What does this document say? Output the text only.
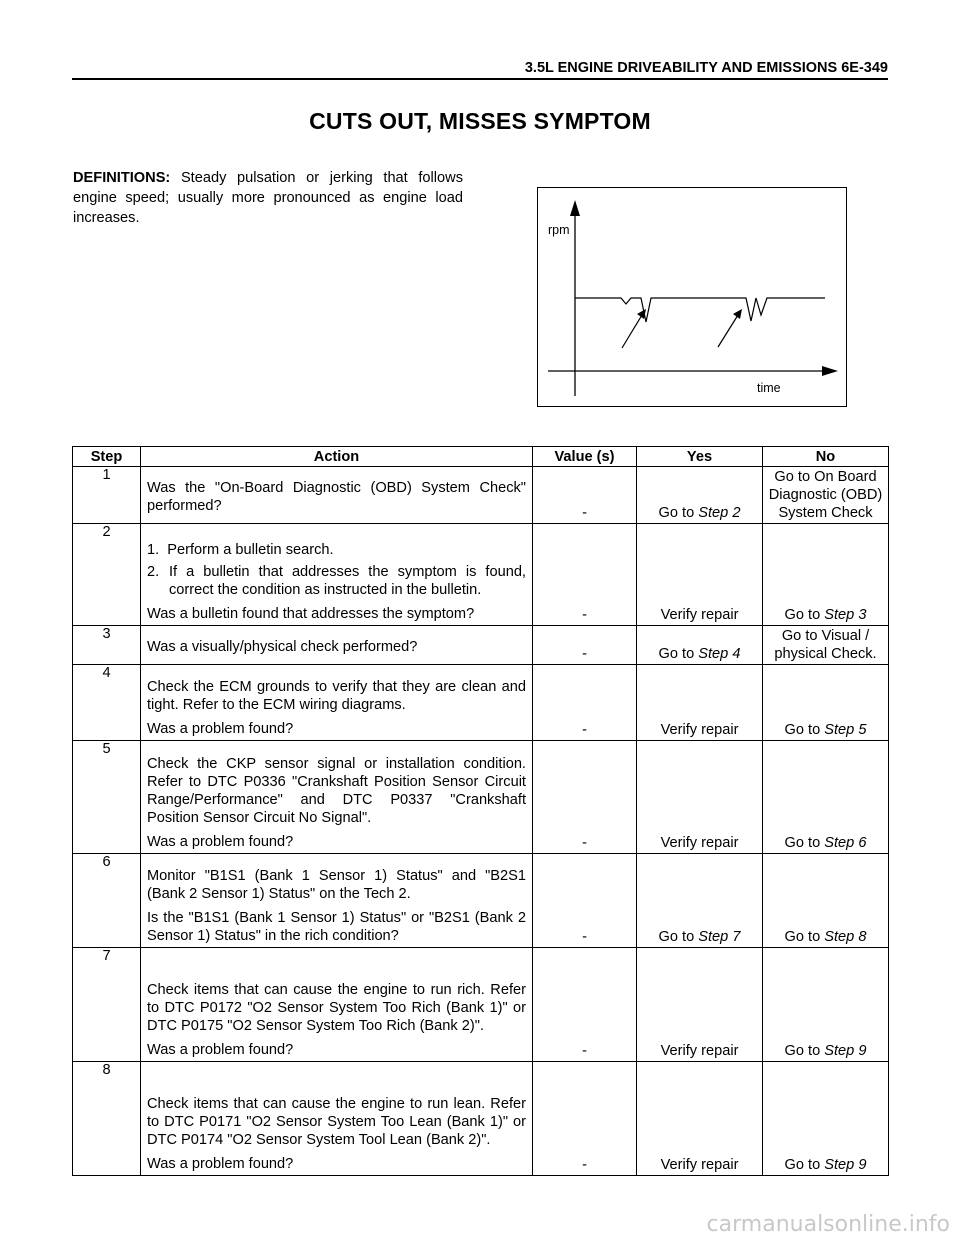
3.5L ENGINE DRIVEABILITY AND EMISSIONS 6E-349
CUTS OUT, MISSES SYMPTOM
DEFINITIONS: Steady pulsation or jerking that follows engine speed; usually more pronounced as engine load increases.
rpm
time
Step	Action	Value (s)	Yes	No
1	Was the "On-Board Diagnostic (OBD) System Check" performed?	-	Go to Step 2	Go to On Board Diagnostic (OBD) System Check
2	1. Perform a bulletin search.
2. If a bulletin that addresses the symptom is found, correct the condition as instructed in the bulletin.

Was a bulletin found that addresses the symptom?	-	Verify repair	Go to Step 3
3	Was a visually/physical check performed?	-	Go to Step 4	Go to Visual / physical Check.
4	Check the ECM grounds to verify that they are clean and tight. Refer to the ECM wiring diagrams.

Was a problem found?	-	Verify repair	Go to Step 5
5	Check the CKP sensor signal or installation condition. Refer to DTC P0336 "Crankshaft Position Sensor Circuit Range/Performance" and DTC P0337 "Crankshaft Position Sensor Circuit No Signal".

Was a problem found?	-	Verify repair	Go to Step 6
6	Monitor "B1S1 (Bank 1 Sensor 1) Status" and "B2S1 (Bank 2 Sensor 1) Status" on the Tech 2.

Is the "B1S1 (Bank 1 Sensor 1) Status" or "B2S1 (Bank 2 Sensor 1) Status" in the rich condition?	-	Go to Step 7	Go to Step 8
7	Check items that can cause the engine to run rich. Refer to DTC P0172 "O2 Sensor System Too Rich (Bank 1)" or DTC P0175 "O2 Sensor System Too Rich (Bank 2)".

Was a problem found?	-	Verify repair	Go to Step 9
8	Check items that can cause the engine to run lean. Refer to DTC P0171 "O2 Sensor System Too Lean (Bank 1)" or DTC P0174 "O2 Sensor System Tool Lean (Bank 2)".

Was a problem found?	-	Verify repair	Go to Step 9
carmanualsonline.info
